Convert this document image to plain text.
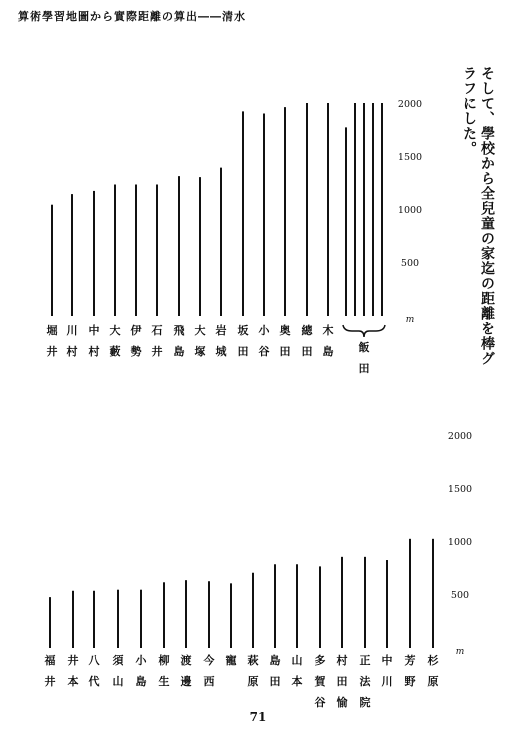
算術學習地圖から實際距離の算出――清水
そして、學校から全兒童の家迄の距離を棒グラフにした。
500
1000
1500
2000
m
堀
井
川
村
中
村
大
藪
伊
勢
石
井
飛
島
大
塚
岩
城
坂
田
小
谷
奥
田
總
田
木
島 飯
田
500
1000
1500
2000
m
福
井
井
本
八
代
須
山
小
島
柳
生
渡
邊
今
西
寵 萩
原
島
田
山
本
多
賀
谷
村
田
愉
正
法
院
中
川
芳
野
杉
原
71
